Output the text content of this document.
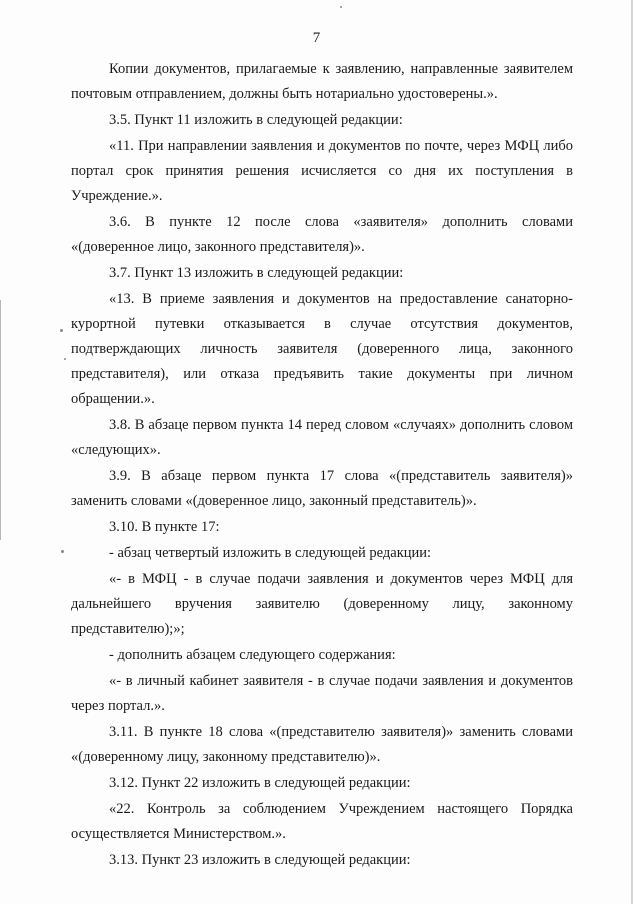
7

Копии документов, прилагаемые к заявлению, направленные заявителем почтовым отправлением, должны быть нотариально удостоверены.».

3.5. Пункт 11 изложить в следующей редакции:

«11. При направлении заявления и документов по почте, через МФЦ либо портал срок принятия решения исчисляется со дня их поступления в Учреждение.».

3.6. В пункте 12 после слова «заявителя» дополнить словами «(доверенное лицо, законного представителя)».

3.7. Пункт 13 изложить в следующей редакции:

«13. В приеме заявления и документов на предоставление санаторно-курортной путевки отказывается в случае отсутствия документов, подтверждающих личность заявителя (доверенного лица, законного представителя), или отказа предъявить такие документы при личном обращении.».

3.8. В абзаце первом пункта 14 перед словом «случаях» дополнить словом «следующих».

3.9. В абзаце первом пункта 17 слова «(представитель заявителя)» заменить словами «(доверенное лицо, законный представитель)».

3.10. В пункте 17:

- абзац четвертый изложить в следующей редакции:

«- в МФЦ - в случае подачи заявления и документов через МФЦ для дальнейшего вручения заявителю (доверенному лицу, законному представителю);»;

- дополнить абзацем следующего содержания:

«- в личный кабинет заявителя - в случае подачи заявления и документов через портал.».

3.11. В пункте 18 слова «(представителю заявителя)» заменить словами «(доверенному лицу, законному представителю)».

3.12. Пункт 22 изложить в следующей редакции:

«22. Контроль за соблюдением Учреждением настоящего Порядка осуществляется Министерством.».

3.13. Пункт 23 изложить в следующей редакции:
